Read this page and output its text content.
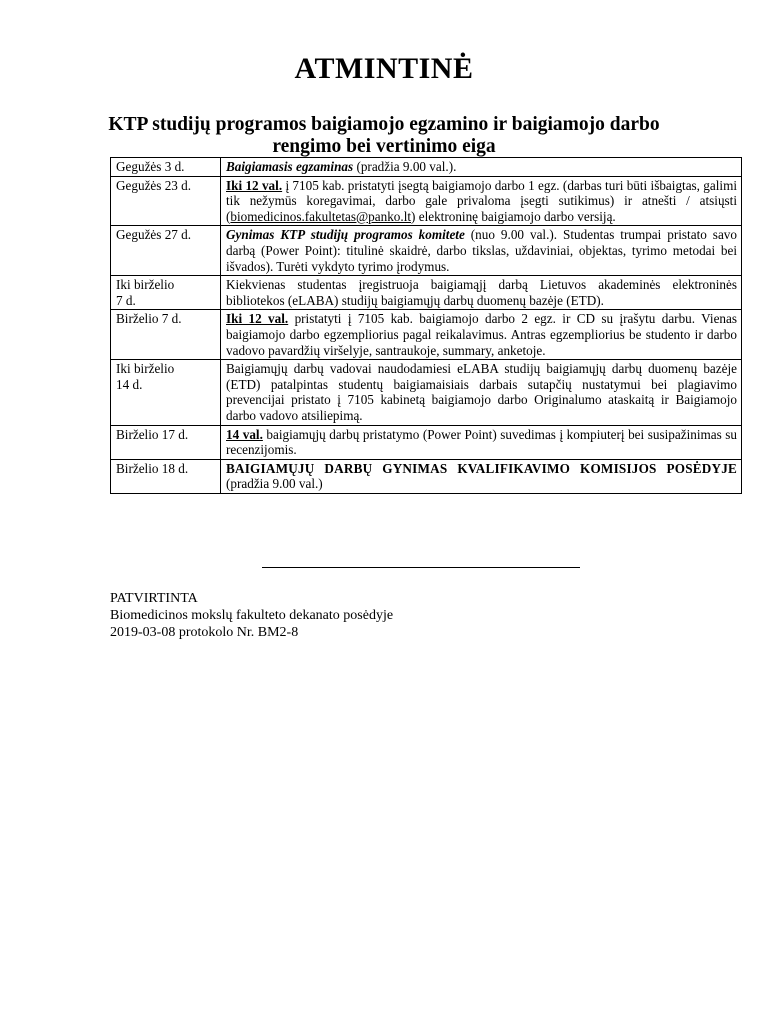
ATMINTINĖ
KTP studijų programos baigiamojo egzamino ir baigiamojo darbo
rengimo bei vertinimo eiga
Gegužės 3 d.	Baigiamasis egzaminas (pradžia 9.00 val.).
Gegužės 23 d.	Iki 12 val. į 7105 kab. pristatyti įsegtą baigiamojo darbo 1 egz. (darbas turi būti išbaigtas, galimi tik nežymūs koregavimai, darbo gale privaloma įsegti sutikimus) ir atnešti / atsiųsti (biomedicinos.fakultetas@panko.lt) elektroninę baigiamojo darbo versiją.
Gegužės 27 d.	Gynimas KTP studijų programos komitete (nuo 9.00 val.). Studentas trumpai pristato savo darbą (Power Point): titulinė skaidrė, darbo tikslas, uždaviniai, objektas, tyrimo metodai bei išvados). Turėti vykdyto tyrimo įrodymus.
Iki birželio
7 d.	Kiekvienas studentas įregistruoja baigiamąjį darbą Lietuvos akademinės elektroninės bibliotekos (eLABA) studijų baigiamųjų darbų duomenų bazėje (ETD).
Birželio 7 d.	Iki 12 val. pristatyti į 7105 kab. baigiamojo darbo 2 egz. ir CD su įrašytu darbu. Vienas baigiamojo darbo egzempliorius pagal reikalavimus. Antras egzempliorius be studento ir darbo vadovo pavardžių viršelyje, santraukoje, summary, anketoje.
Iki birželio
14 d.	Baigiamųjų darbų vadovai naudodamiesi eLABA studijų baigiamųjų darbų duomenų bazėje (ETD) patalpintas studentų baigiamaisiais darbais sutapčių nustatymui bei plagiavimo prevencijai pristato į 7105 kabinetą baigiamojo darbo Originalumo ataskaitą ir Baigiamojo darbo vadovo atsiliepimą.
Birželio 17 d.	14 val. baigiamųjų darbų pristatymo (Power Point) suvedimas į kompiuterį bei susipažinimas su recenzijomis.
Birželio 18 d.	BAIGIAMŲJŲ DARBŲ GYNIMAS KVALIFIKAVIMO KOMISIJOS POSĖDYJE (pradžia 9.00 val.)
PATVIRTINTA
Biomedicinos mokslų fakulteto dekanato posėdyje
2019-03-08 protokolo Nr. BM2-8
